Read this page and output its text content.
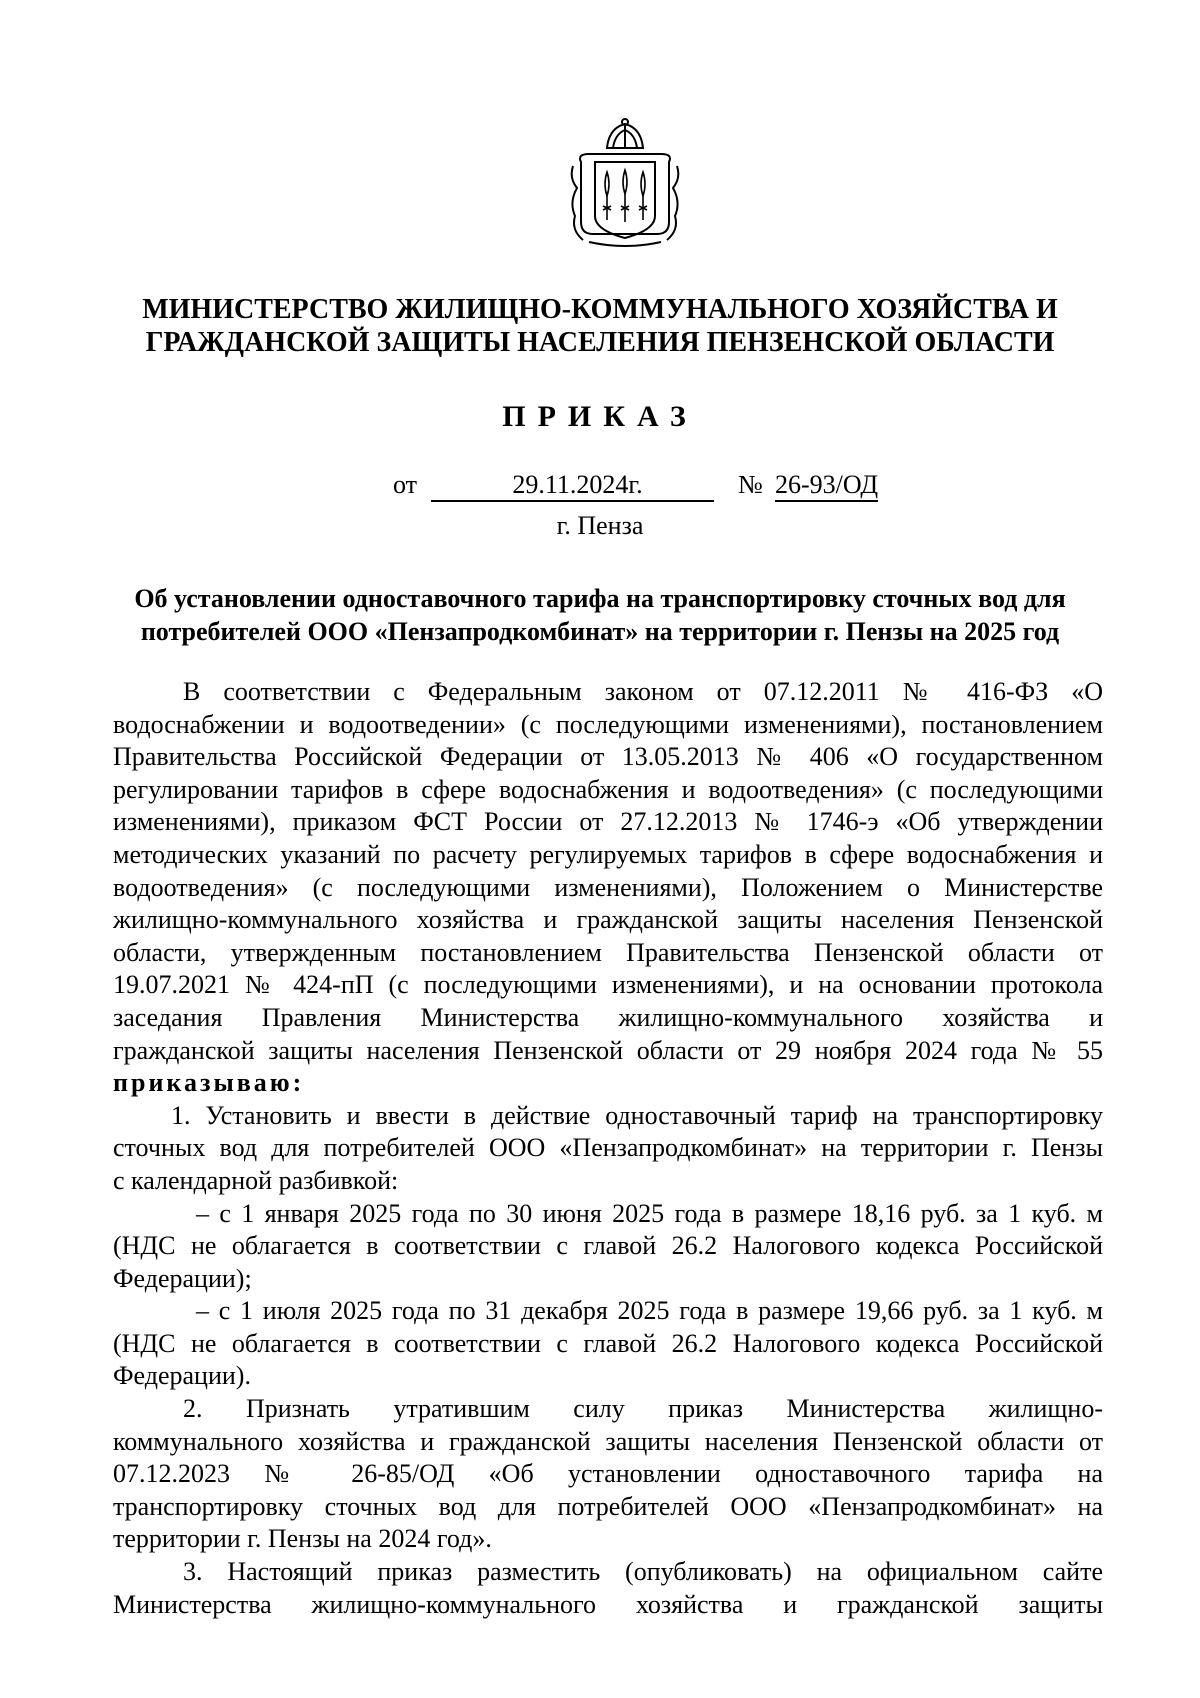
МИНИСТЕРСТВО ЖИЛИЩНО-КОММУНАЛЬНОГО ХОЗЯЙСТВА И
ГРАЖДАНСКОЙ ЗАЩИТЫ НАСЕЛЕНИЯ ПЕНЗЕНСКОЙ ОБЛАСТИ
ПРИКАЗ
от	29.11.2024г.	№ 26-93/ОД
г. Пенза
Об установлении одноставочного тарифа на транспортировку сточных вод для
потребителей ООО «Пензапродкомбинат» на территории г. Пензы на 2025 год
В соответствии с Федеральным законом от 07.12.2011 № 416-ФЗ «О
водоснабжении и водоотведении» (с последующими изменениями), постановлением
Правительства Российской Федерации от 13.05.2013 № 406 «О государственном
регулировании тарифов в сфере водоснабжения и водоотведения» (с последующими
изменениями), приказом ФСТ России от 27.12.2013 № 1746-э «Об утверждении
методических указаний по расчету регулируемых тарифов в сфере водоснабжения и
водоотведения» (с последующими изменениями), Положением о Министерстве
жилищно-коммунального хозяйства и гражданской защиты населения Пензенской
области, утвержденным постановлением Правительства Пензенской области от
19.07.2021 № 424-пП (с последующими изменениями), и на основании протокола
заседания Правления Министерства жилищно-коммунального хозяйства и
гражданской защиты населения Пензенской области от 29 ноября 2024 года № 55
приказываю:
1. Установить и ввести в действие одноставочный тариф на транспортировку
сточных вод для потребителей ООО «Пензапродкомбинат» на территории г. Пензы
с календарной разбивкой:
– с 1 января 2025 года по 30 июня 2025 года в размере 18,16 руб. за 1 куб. м
(НДС не облагается в соответствии с главой 26.2 Налогового кодекса Российской
Федерации);
– с 1 июля 2025 года по 31 декабря 2025 года в размере 19,66 руб. за 1 куб. м
(НДС не облагается в соответствии с главой 26.2 Налогового кодекса Российской
Федерации).
2. Признать утратившим силу приказ Министерства жилищно-
коммунального хозяйства и гражданской защиты населения Пензенской области от
07.12.2023 № 26-85/ОД «Об установлении одноставочного тарифа на
транспортировку сточных вод для потребителей ООО «Пензапродкомбинат» на
территории г. Пензы на 2024 год».
3. Настоящий приказ разместить (опубликовать) на официальном сайте
Министерства жилищно-коммунального хозяйства и гражданской защиты
